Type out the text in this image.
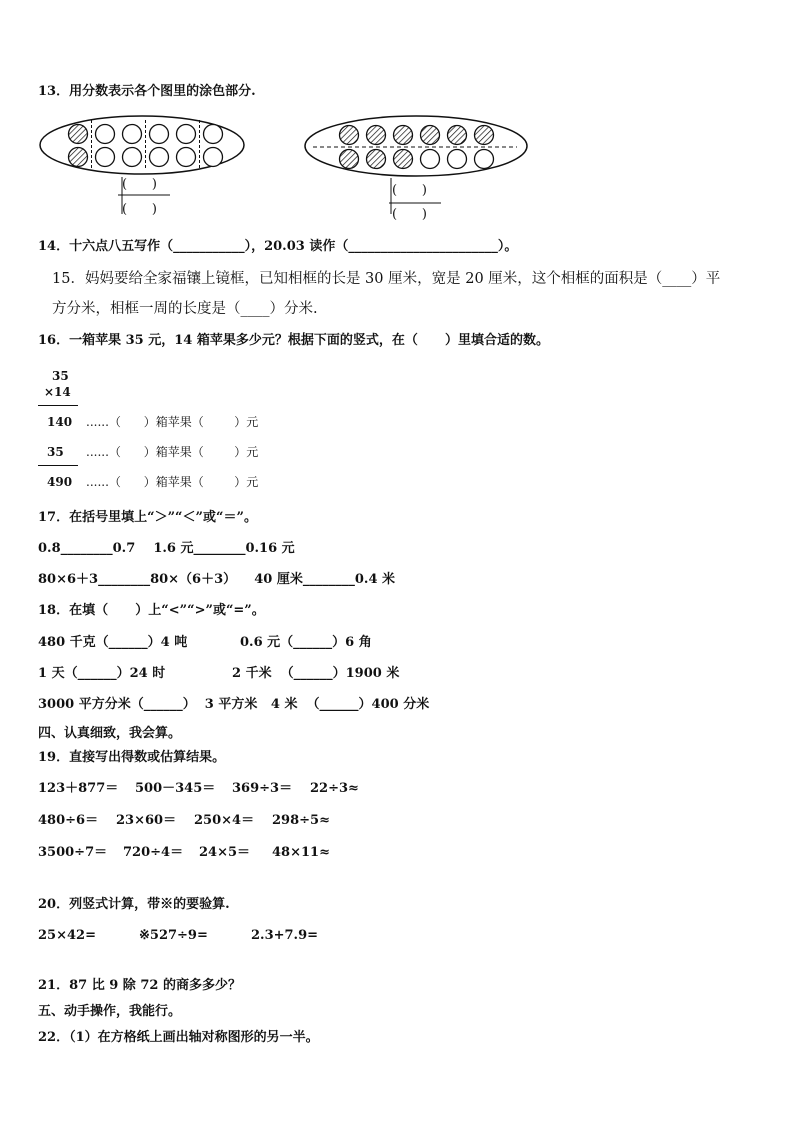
13．用分数表示各个图里的涂色部分.
(      )
(      )
(      )
(      )
14．十六点八五写作（___________），20.03 读作（_______________________）。
15．妈妈要给全家福镶上镜框，已知相框的长是 30 厘米，宽是 20 厘米，这个相框的面积是（____）平
方分米，相框一周的长度是（____）分米.
16．一箱苹果 35 元，14 箱苹果多少元？根据下面的竖式，在（      ）里填合适的数。
35
×14
140 ......（      ）箱苹果（        ）元
35 ......（      ）箱苹果（        ）元
490 ......（      ）箱苹果（        ）元
17．在括号里填上“＞”“＜”或“＝”。
0.8________0.7    1.6 元________0.16 元
80×6＋3________80×（6＋3）    40 厘米________0.4 米
18．在填（      ）上“<”“>”或“=”。
480 千克（______）4 吨	0.6 元（______）6 角
1 天（______）24 时	2 千米  （______）1900 米
3000 平方分米（______）  3 平方米   4 米  （______）400 分米
四、认真细致，我会算。
19．直接写出得数或估算结果。
123＋877＝ 500－345＝ 369÷3＝ 22÷3≈
480÷6＝ 23×60＝ 250×4＝ 298÷5≈
3500÷7＝ 720÷4＝ 24×5＝ 48×11≈
20．列竖式计算，带※的要验算.
25×42=	※527÷9=	2.3+7.9=
21．87 比 9 除 72 的商多多少？
五、动手操作，我能行。
22．（1）在方格纸上画出轴对称图形的另一半。
